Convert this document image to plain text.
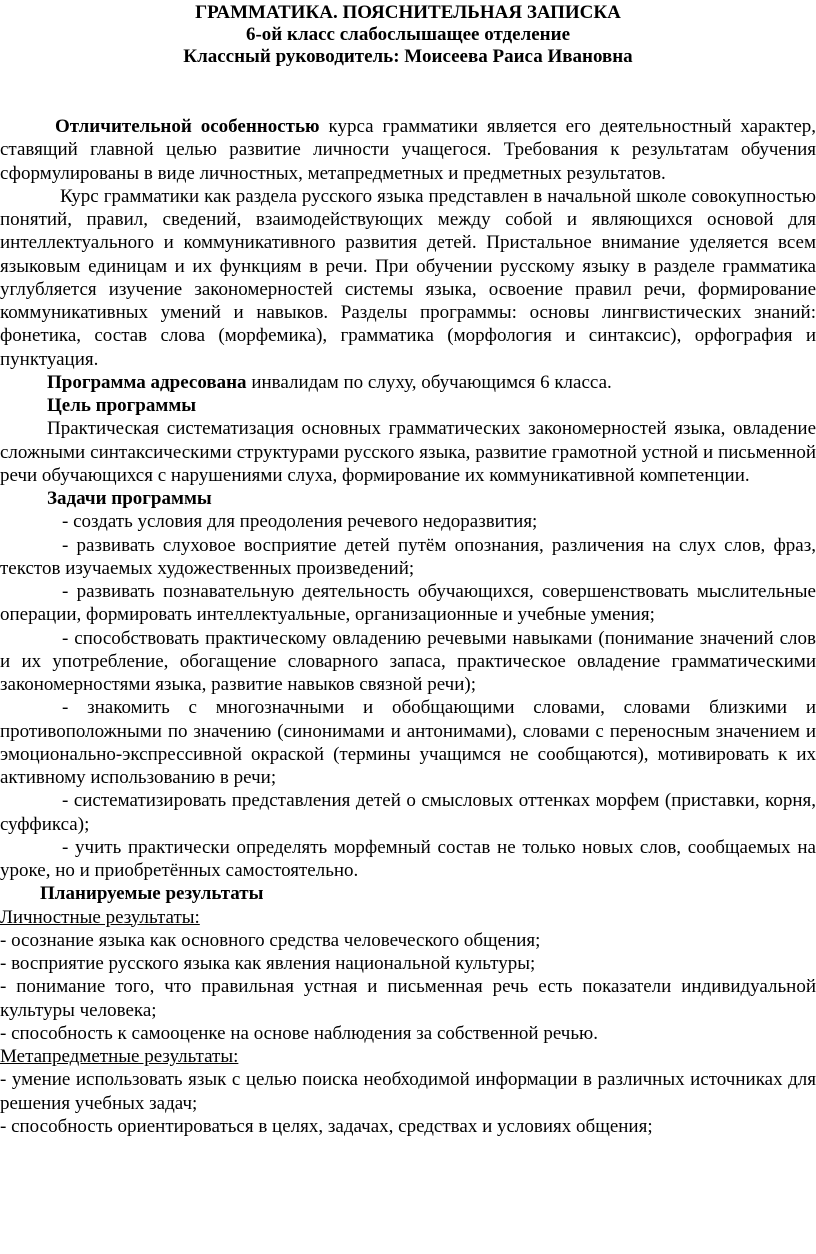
ГРАММАТИКА. ПОЯСНИТЕЛЬНАЯ ЗАПИСКА
6-ой класс слабослышащее отделение
Классный руководитель: Моисеева Раиса Ивановна

Отличительной особенностью курса грамматики является его деятельностный характер, ставящий главной целью развитие личности учащегося. Требования к результатам обучения сформулированы в виде личностных, метапредметных и предметных результатов.

Курс грамматики как раздела русского языка представлен в начальной школе совокупностью понятий, правил, сведений, взаимодействующих между собой и являющихся основой для интеллектуального и коммуникативного развития детей. Пристальное внимание уделяется всем языковым единицам и их функциям в речи. При обучении русскому языку в разделе грамматика углубляется изучение закономерностей системы языка, освоение правил речи, формирование коммуникативных умений и навыков. Разделы программы: основы лингвистических знаний: фонетика, состав слова (морфемика), грамматика (морфология и синтаксис), орфография и пунктуация.

Программа адресована инвалидам по слуху, обучающимся 6 класса.

Цель программы

Практическая систематизация основных грамматических закономерностей языка, овладение сложными синтаксическими структурами русского языка, развитие грамотной устной и письменной речи обучающихся с нарушениями слуха, формирование их коммуникативной компетенции.

Задачи программы

- создать условия для преодоления речевого недоразвития;

- развивать слуховое восприятие детей путём опознания, различения на слух слов, фраз, текстов изучаемых художественных произведений;

- развивать познавательную деятельность обучающихся, совершенствовать мыслительные операции, формировать интеллектуальные, организационные и учебные умения;

- способствовать практическому овладению речевыми навыками (понимание значений слов и их употребление, обогащение словарного запаса, практическое овладение грамматическими закономерностями языка, развитие навыков связной речи);

- знакомить с многозначными и обобщающими словами, словами близкими и противоположными по значению (синонимами и антонимами), словами с переносным значением и эмоционально-экспрессивной окраской (термины учащимся не сообщаются), мотивировать к их активному использованию в речи;

- систематизировать представления детей о смысловых оттенках морфем (приставки, корня, суффикса);

- учить практически определять морфемный состав не только новых слов, сообщаемых на уроке, но и приобретённых самостоятельно.

Планируемые результаты

Личностные результаты:

- осознание языка как основного средства человеческого общения;

- восприятие русского языка как явления национальной культуры;

- понимание того, что правильная устная и письменная речь есть показатели индивидуальной культуры человека;

- способность к самооценке на основе наблюдения за собственной речью.

Метапредметные результаты:

- умение использовать язык с целью поиска необходимой информации в различных источниках для решения учебных задач;

- способность ориентироваться в целях, задачах, средствах и условиях общения;
